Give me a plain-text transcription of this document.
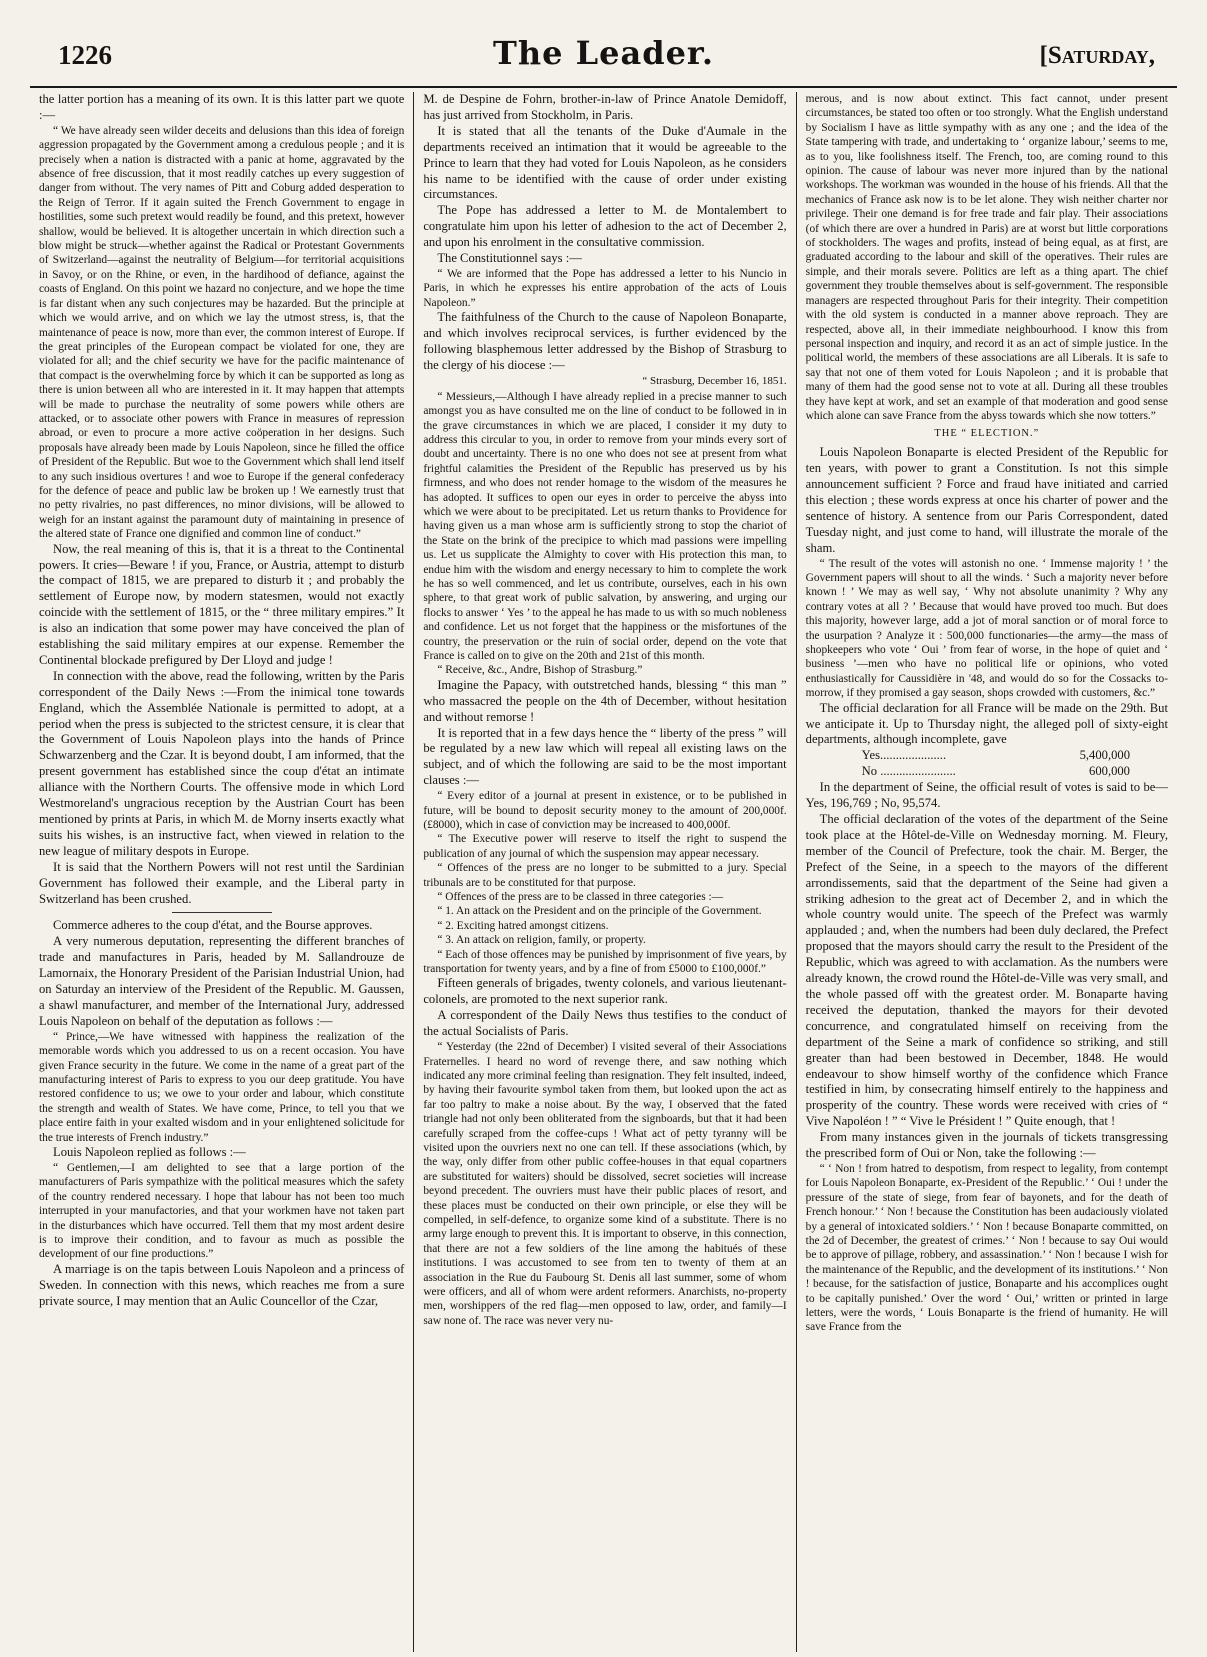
1226	The Leader.	[Saturday,

the latter portion has a meaning of its own. It is this latter part we quote :—

“ We have already seen wilder deceits and delusions than this idea of foreign aggression propagated by the Government among a credulous people ; and it is precisely when a nation is distracted with a panic at home, aggravated by the absence of free discussion, that it most readily catches up every suggestion of danger from without. The very names of Pitt and Coburg added desperation to the Reign of Terror. If it again suited the French Government to engage in hostilities, some such pretext would readily be found, and this pretext, however shallow, would be believed. It is altogether uncertain in which direction such a blow might be struck—whether against the Radical or Protestant Governments of Switzerland—against the neutrality of Belgium—for territorial acquisitions in Savoy, or on the Rhine, or even, in the hardihood of defiance, against the coasts of England. On this point we hazard no conjecture, and we hope the time is far distant when any such conjectures may be hazarded. But the principle at which we would arrive, and on which we lay the utmost stress, is, that the maintenance of peace is now, more than ever, the common interest of Europe. If the great principles of the European compact be violated for one, they are violated for all; and the chief security we have for the pacific maintenance of that compact is the overwhelming force by which it can be supported as long as there is union between all who are interested in it. It may happen that attempts will be made to purchase the neutrality of some powers while others are attacked, or to associate other powers with France in measures of repression abroad, or even to procure a more active coöperation in her designs. Such proposals have already been made by Louis Napoleon, since he filled the office of President of the Republic. But woe to the Government which shall lend itself to any such insidious overtures ! and woe to Europe if the general confederacy for the defence of peace and public law be broken up ! We earnestly trust that no petty rivalries, no past differences, no minor divisions, will be allowed to weigh for an instant against the paramount duty of maintaining in presence of the altered state of France one dignified and common line of conduct.”

Now, the real meaning of this is, that it is a threat to the Continental powers. It cries—Beware ! if you, France, or Austria, attempt to disturb the compact of 1815, we are prepared to disturb it ; and probably the settlement of Europe now, by modern statesmen, would not exactly coincide with the settlement of 1815, or the “ three military empires.” It is also an indication that some power may have conceived the plan of establishing the said military empires at our expense. Remember the Continental blockade prefigured by Der Lloyd and judge !

In connection with the above, read the following, written by the Paris correspondent of the Daily News :—From the inimical tone towards England, which the Assemblée Nationale is permitted to adopt, at a period when the press is subjected to the strictest censure, it is clear that the Government of Louis Napoleon plays into the hands of Prince Schwarzenberg and the Czar. It is beyond doubt, I am informed, that the present government has established since the coup d'état an intimate alliance with the Northern Courts. The offensive mode in which Lord Westmoreland's ungracious reception by the Austrian Court has been mentioned by prints at Paris, in which M. de Morny inserts exactly what suits his wishes, is an instructive fact, when viewed in relation to the new league of military despots in Europe.

It is said that the Northern Powers will not rest until the Sardinian Government has followed their example, and the Liberal party in Switzerland has been crushed.

Commerce adheres to the coup d'état, and the Bourse approves.

A very numerous deputation, representing the different branches of trade and manufactures in Paris, headed by M. Sallandrouze de Lamornaix, the Honorary President of the Parisian Industrial Union, had on Saturday an interview of the President of the Republic. M. Gaussen, a shawl manufacturer, and member of the International Jury, addressed Louis Napoleon on behalf of the deputation as follows :—

“ Prince,—We have witnessed with happiness the realization of the memorable words which you addressed to us on a recent occasion. You have given France security in the future. We come in the name of a great part of the manufacturing interest of Paris to express to you our deep gratitude. You have restored confidence to us; we owe to your order and labour, which constitute the strength and wealth of States. We have come, Prince, to tell you that we place entire faith in your exalted wisdom and in your enlightened solicitude for the true interests of French industry.”

Louis Napoleon replied as follows :—

“ Gentlemen,—I am delighted to see that a large portion of the manufacturers of Paris sympathize with the political measures which the safety of the country rendered necessary. I hope that labour has not been too much interrupted in your manufactories, and that your workmen have not taken part in the disturbances which have occurred. Tell them that my most ardent desire is to improve their condition, and to favour as much as possible the development of our fine productions.”

A marriage is on the tapis between Louis Napoleon and a princess of Sweden. In connection with this news, which reaches me from a sure private source, I may mention that an Aulic Councellor of the Czar,

M. de Despine de Fohrn, brother-in-law of Prince Anatole Demidoff, has just arrived from Stockholm, in Paris.

It is stated that all the tenants of the Duke d'Aumale in the departments received an intimation that it would be agreeable to the Prince to learn that they had voted for Louis Napoleon, as he considers his name to be identified with the cause of order under existing circumstances.

The Pope has addressed a letter to M. de Montalembert to congratulate him upon his letter of adhesion to the act of December 2, and upon his enrolment in the consultative commission.

The Constitutionnel says :—

“ We are informed that the Pope has addressed a letter to his Nuncio in Paris, in which he expresses his entire approbation of the acts of Louis Napoleon.”

The faithfulness of the Church to the cause of Napoleon Bonaparte, and which involves reciprocal services, is further evidenced by the following blasphemous letter addressed by the Bishop of Strasburg to the clergy of his diocese :—

“ Strasburg, December 16, 1851.

“ Messieurs,—Although I have already replied in a precise manner to such amongst you as have consulted me on the line of conduct to be followed in in the grave circumstances in which we are placed, I consider it my duty to address this circular to you, in order to remove from your minds every sort of doubt and uncertainty. There is no one who does not see at present from what frightful calamities the President of the Republic has preserved us by his firmness, and who does not render homage to the wisdom of the measures he has adopted. It suffices to open our eyes in order to perceive the abyss into which we were about to be precipitated. Let us return thanks to Providence for having given us a man whose arm is sufficiently strong to stop the chariot of the State on the brink of the precipice to which mad passions were impelling us. Let us supplicate the Almighty to cover with His protection this man, to endue him with the wisdom and energy necessary to him to complete the work he has so well commenced, and let us contribute, ourselves, each in his own sphere, to that great work of public salvation, by answering, and urging our flocks to answer ‘ Yes ’ to the appeal he has made to us with so much nobleness and confidence. Let us not forget that the happiness or the misfortunes of the country, the preservation or the ruin of social order, depend on the vote that France is called on to give on the 20th and 21st of this month.

“ Receive, &c., Andre, Bishop of Strasburg.”

Imagine the Papacy, with outstretched hands, blessing “ this man ” who massacred the people on the 4th of December, without hesitation and without remorse !

It is reported that in a few days hence the “ liberty of the press ” will be regulated by a new law which will repeal all existing laws on the subject, and of which the following are said to be the most important clauses :—

“ Every editor of a journal at present in existence, or to be published in future, will be bound to deposit security money to the amount of 200,000f. (£8000), which in case of conviction may be increased to 400,000f.

“ The Executive power will reserve to itself the right to suspend the publication of any journal of which the suspension may appear necessary.

“ Offences of the press are no longer to be submitted to a jury. Special tribunals are to be constituted for that purpose.

“ Offences of the press are to be classed in three categories :—

“ 1. An attack on the President and on the principle of the Government.

“ 2. Exciting hatred amongst citizens.

“ 3. An attack on religion, family, or property.

“ Each of those offences may be punished by imprisonment of five years, by transportation for twenty years, and by a fine of from £5000 to £100,000f.”

Fifteen generals of brigades, twenty colonels, and various lieutenant-colonels, are promoted to the next superior rank.

A correspondent of the Daily News thus testifies to the conduct of the actual Socialists of Paris.

“ Yesterday (the 22nd of December) I visited several of their Associations Fraternelles. I heard no word of revenge there, and saw nothing which indicated any more criminal feeling than resignation. They felt insulted, indeed, by having their favourite symbol taken from them, but looked upon the act as far too paltry to make a noise about. By the way, I observed that the fated triangle had not only been obliterated from the signboards, but that it had been carefully scraped from the coffee-cups ! What act of petty tyranny will be visited upon the ouvriers next no one can tell. If these associations (which, by the way, only differ from other public coffee-houses in that equal copartners are substituted for waiters) should be dissolved, secret societies will increase beyond precedent. The ouvriers must have their public places of resort, and these places must be conducted on their own principle, or else they will be compelled, in self-defence, to organize some kind of a substitute. There is no army large enough to prevent this. It is important to observe, in this connection, that there are not a few soldiers of the line among the habitués of these institutions. I was accustomed to see from ten to twenty of them at an association in the Rue du Faubourg St. Denis all last summer, some of whom were officers, and all of whom were ardent reformers. Anarchists, no-property men, worshippers of the red flag—men opposed to law, order, and family—I saw none of. The race was never very nu-

merous, and is now about extinct. This fact cannot, under present circumstances, be stated too often or too strongly. What the English understand by Socialism I have as little sympathy with as any one ; and the idea of the State tampering with trade, and undertaking to ‘ organize labour,’ seems to me, as to you, like foolishness itself. The French, too, are coming round to this opinion. The cause of labour was never more injured than by the national workshops. The workman was wounded in the house of his friends. All that the mechanics of France ask now is to be let alone. They wish neither charter nor privilege. Their one demand is for free trade and fair play. Their associations (of which there are over a hundred in Paris) are at worst but little corporations of stockholders. The wages and profits, instead of being equal, as at first, are graduated according to the labour and skill of the operatives. Their rules are simple, and their morals severe. Politics are left as a thing apart. The chief government they trouble themselves about is self-government. The responsible managers are respected throughout Paris for their integrity. Their competition with the old system is conducted in a manner above reproach. They are respected, above all, in their immediate neighbourhood. I know this from personal inspection and inquiry, and record it as an act of simple justice. In the political world, the members of these associations are all Liberals. It is safe to say that not one of them voted for Louis Napoleon ; and it is probable that many of them had the good sense not to vote at all. During all these troubles they have kept at work, and set an example of that moderation and good sense which alone can save France from the abyss towards which she now totters.”

THE “ ELECTION.”

Louis Napoleon Bonaparte is elected President of the Republic for ten years, with power to grant a Constitution. Is not this simple announcement sufficient ? Force and fraud have initiated and carried this election ; these words express at once his charter of power and the sentence of history. A sentence from our Paris Correspondent, dated Tuesday night, and just come to hand, will illustrate the morale of the sham.

“ The result of the votes will astonish no one. ‘ Immense majority ! ’ the Government papers will shout to all the winds. ‘ Such a majority never before known ! ’ We may as well say, ‘ Why not absolute unanimity ? Why any contrary votes at all ? ’ Because that would have proved too much. But does this majority, however large, add a jot of moral sanction or of moral force to the usurpation ? Analyze it : 500,000 functionaries—the army—the mass of shopkeepers who vote ‘ Oui ’ from fear of worse, in the hope of quiet and ‘ business ’—men who have no political life or opinions, who voted enthusiastically for Caussidière in '48, and would do so for the Cossacks to-morrow, if they promised a gay season, shops crowded with customers, &c.”

The official declaration for all France will be made on the 29th. But we anticipate it. Up to Thursday night, the alleged poll of sixty-eight departments, although incomplete, gave

Yes.....................	5,400,000
No ........................	600,000

In the department of Seine, the official result of votes is said to be—Yes, 196,769 ; No, 95,574.

The official declaration of the votes of the department of the Seine took place at the Hôtel-de-Ville on Wednesday morning. M. Fleury, member of the Council of Prefecture, took the chair. M. Berger, the Prefect of the Seine, in a speech to the mayors of the different arrondissements, said that the department of the Seine had given a striking adhesion to the great act of December 2, and in which the whole country would unite. The speech of the Prefect was warmly applauded ; and, when the numbers had been duly declared, the Prefect proposed that the mayors should carry the result to the President of the Republic, which was agreed to with acclamation. As the numbers were already known, the crowd round the Hôtel-de-Ville was very small, and the whole passed off with the greatest order. M. Bonaparte having received the deputation, thanked the mayors for their devoted concurrence, and congratulated himself on receiving from the department of the Seine a mark of confidence so striking, and still greater than had been bestowed in December, 1848. He would endeavour to show himself worthy of the confidence which France testified in him, by consecrating himself entirely to the happiness and prosperity of the country. These words were received with cries of “ Vive Napoléon ! ” “ Vive le Président ! ” Quite enough, that !

From many instances given in the journals of tickets transgressing the prescribed form of Oui or Non, take the following :—

“ ‘ Non ! from hatred to despotism, from respect to legality, from contempt for Louis Napoleon Bonaparte, ex-President of the Republic.’ ‘ Oui ! under the pressure of the state of siege, from fear of bayonets, and for the death of French honour.’ ‘ Non ! because the Constitution has been audaciously violated by a general of intoxicated soldiers.’ ‘ Non ! because Bonaparte committed, on the 2d of December, the greatest of crimes.’ ‘ Non ! because to say Oui would be to approve of pillage, robbery, and assassination.’ ‘ Non ! because I wish for the maintenance of the Republic, and the development of its institutions.’ ‘ Non ! because, for the satisfaction of justice, Bonaparte and his accomplices ought to be capitally punished.’ Over the word ‘ Oui,’ written or printed in large letters, were the words, ‘ Louis Bonaparte is the friend of humanity. He will save France from the
